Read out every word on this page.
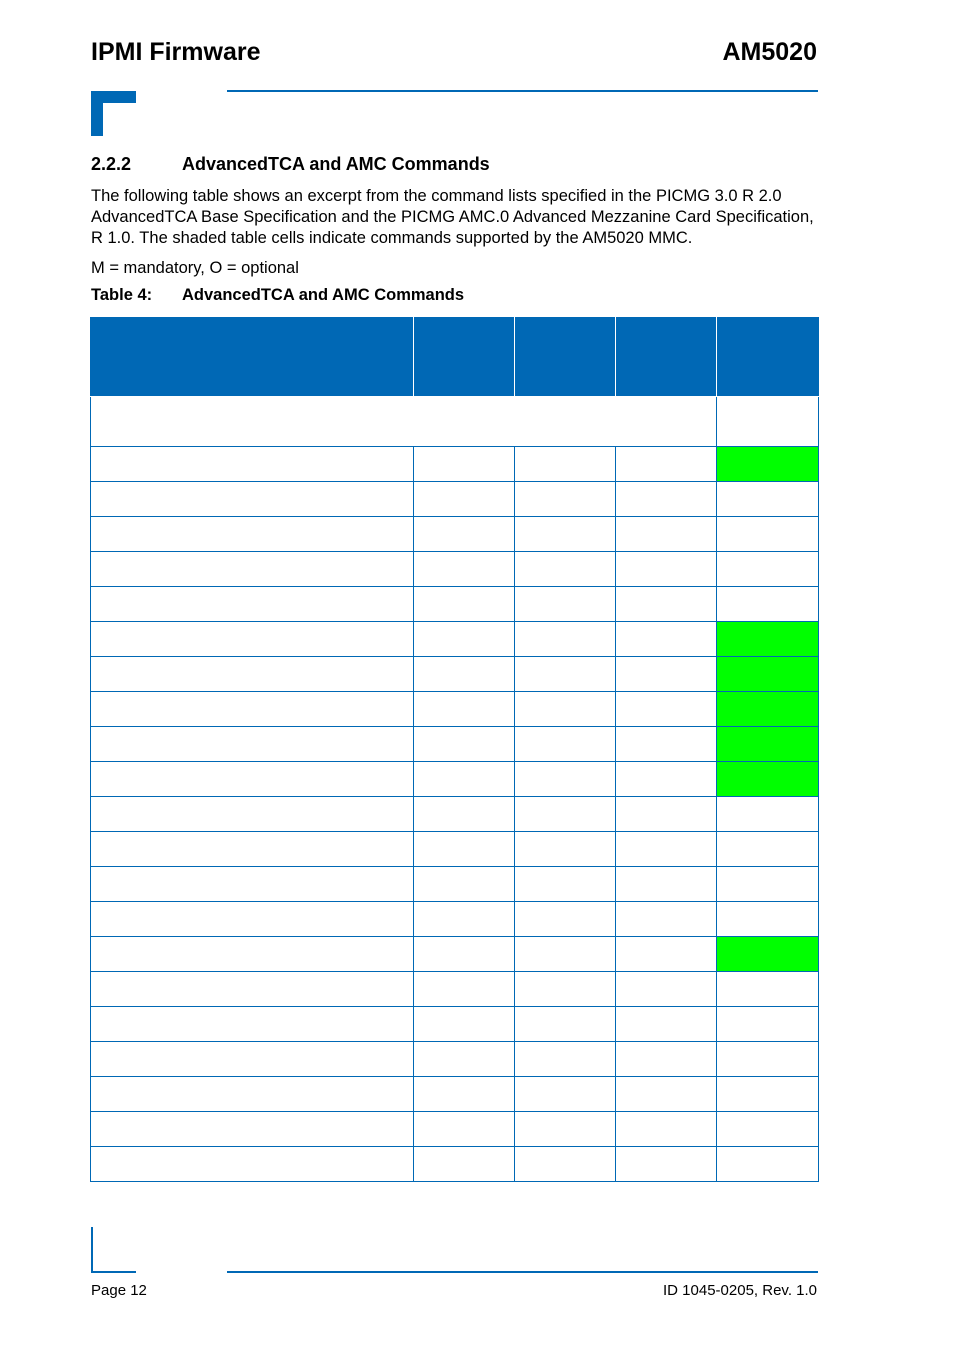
IPMI Firmware	AM5020
2.2.2	AdvancedTCA and AMC Commands

The following table shows an excerpt from the command lists specified in the PICMG 3.0 R 2.0 AdvancedTCA Base Specification and the PICMG AMC.0 Advanced Mezzanine Card Specification, R 1.0. The shaded table cells indicate commands supported by the AM5020 MMC.

M = mandatory, O = optional
Table 4: AdvancedTCA and AMC Commands

Page 12	ID 1045-0205, Rev. 1.0
